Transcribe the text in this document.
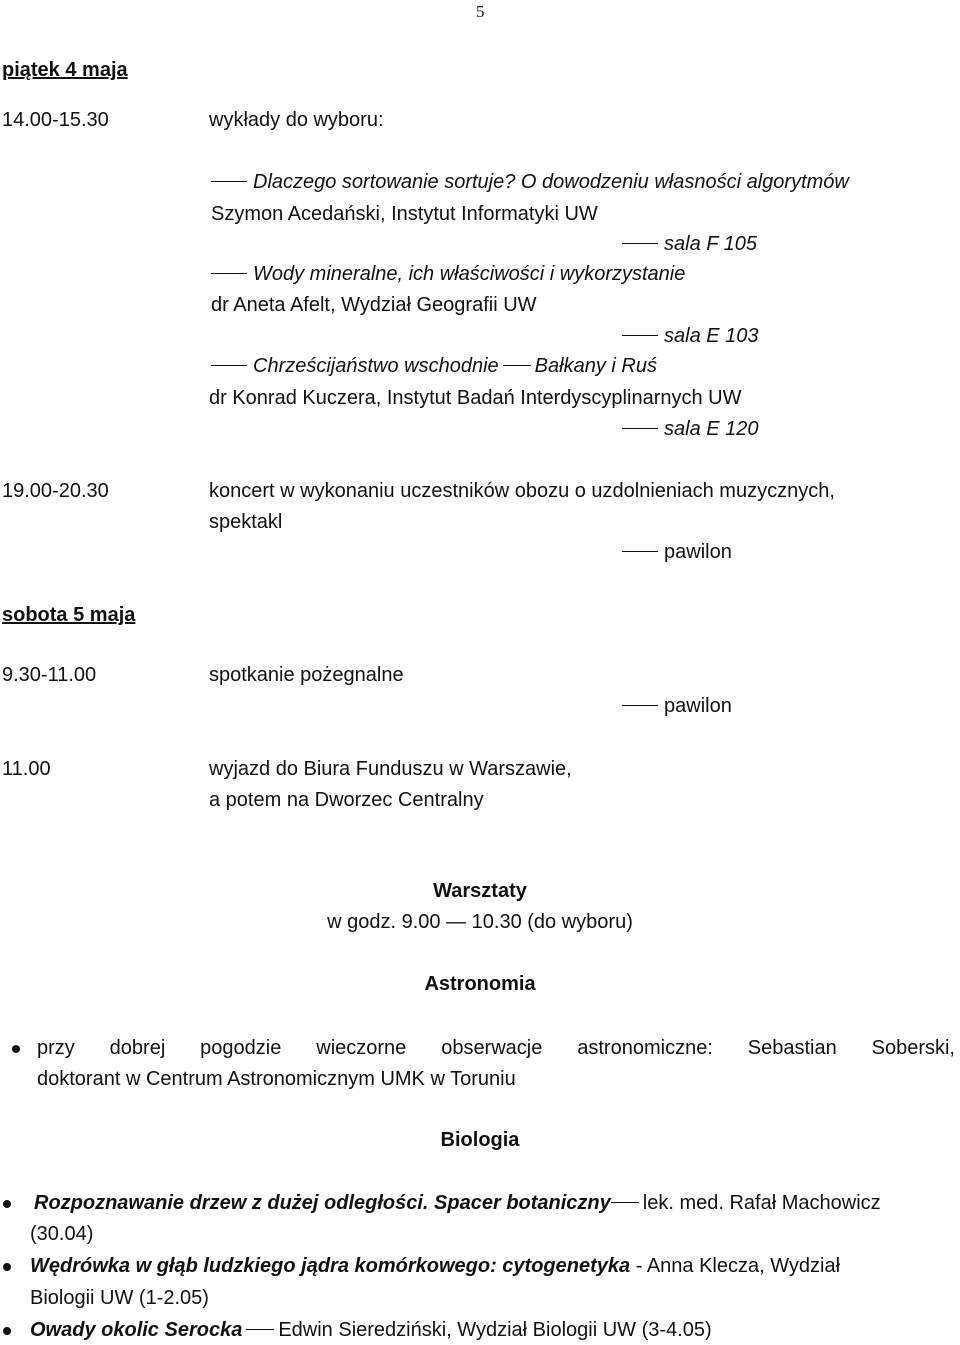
5
piątek 4 maja
14.00-15.30	wykłady do wyboru:
Dlaczego sortowanie sortuje? O dowodzeniu własności algorytmów
Szymon Acedański, Instytut Informatyki UW
sala F 105
Wody mineralne, ich właściwości i wykorzystanie
dr Aneta Afelt, Wydział Geografii UW
sala E 103
Chrześcijaństwo wschodnie Bałkany i Ruś
dr Konrad Kuczera, Instytut Badań Interdyscyplinarnych UW
sala E 120
19.00-20.30	koncert w wykonaniu uczestników obozu o uzdolnieniach muzycznych,
spektakl
pawilon
sobota 5 maja
9.30-11.00	spotkanie pożegnalne
pawilon
11.00	wyjazd do Biura Funduszu w Warszawie,
a potem na Dworzec Centralny
Warsztaty
w godz. 9.00 — 10.30 (do wyboru)
Astronomia
przy dobrej pogodzie wieczorne obserwacje astronomiczne: Sebastian Soberski,
doktorant w Centrum Astronomicznym UMK w Toruniu
Biologia
Rozpoznawanie drzew z dużej odległości. Spacer botaniczny lek. med. Rafał Machowicz
(30.04)
Wędrówka w głąb ludzkiego jądra komórkowego: cytogenetyka - Anna Klecza, Wydział
Biologii UW (1-2.05)
Owady okolic Serocka Edwin Sieredziński, Wydział Biologii UW (3-4.05)
